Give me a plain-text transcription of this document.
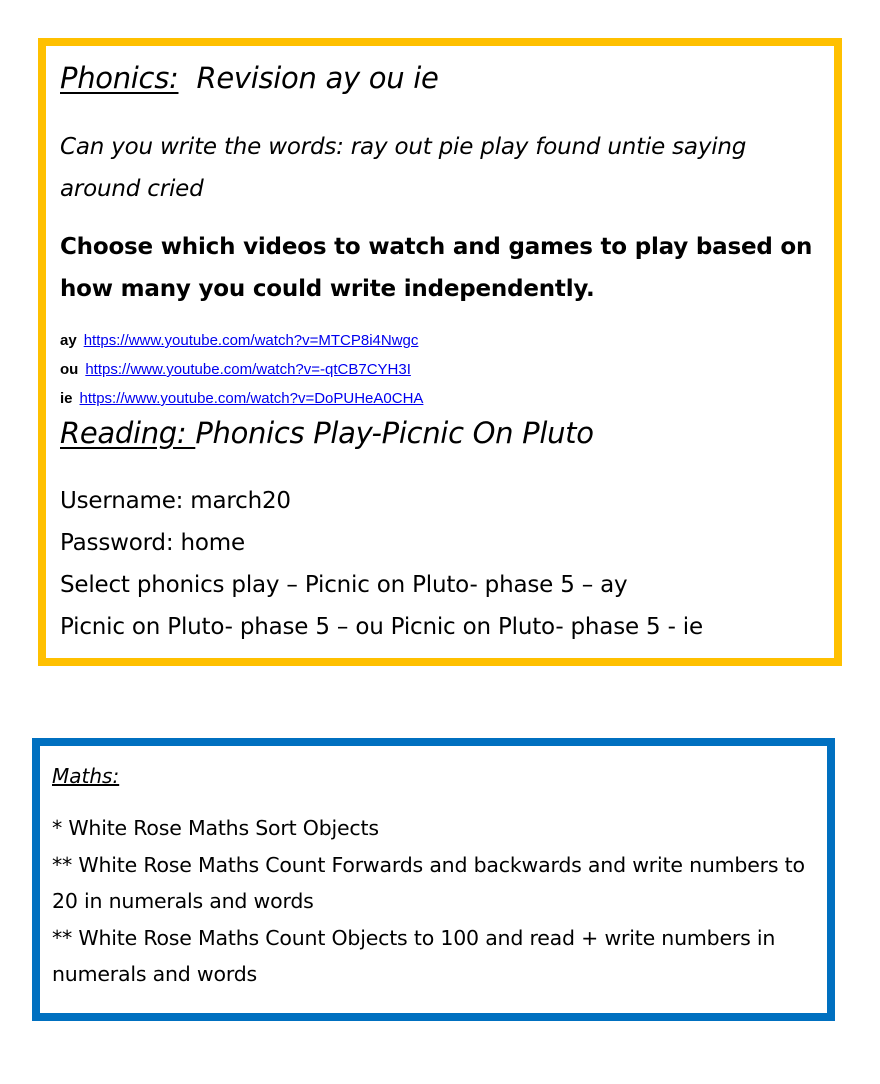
Phonics: Revision ay ou ie
Can you write the words: ray out pie play found untie saying around cried
Choose which videos to watch and games to play based on how many you could write independently.
ay https://www.youtube.com/watch?v=MTCP8i4Nwgc
ou https://www.youtube.com/watch?v=-qtCB7CYH3I
ie https://www.youtube.com/watch?v=DoPUHeA0CHA
Reading: Phonics Play-Picnic On Pluto
Username: march20
Password: home
Select phonics play – Picnic on Pluto- phase 5 – ay
Picnic on Pluto- phase 5 – ou Picnic on Pluto- phase 5 - ie
Maths:
* White Rose Maths Sort Objects
** White Rose Maths Count Forwards and backwards and write numbers to 20 in numerals and words
** White Rose Maths Count Objects to 100 and read + write numbers in numerals and words
